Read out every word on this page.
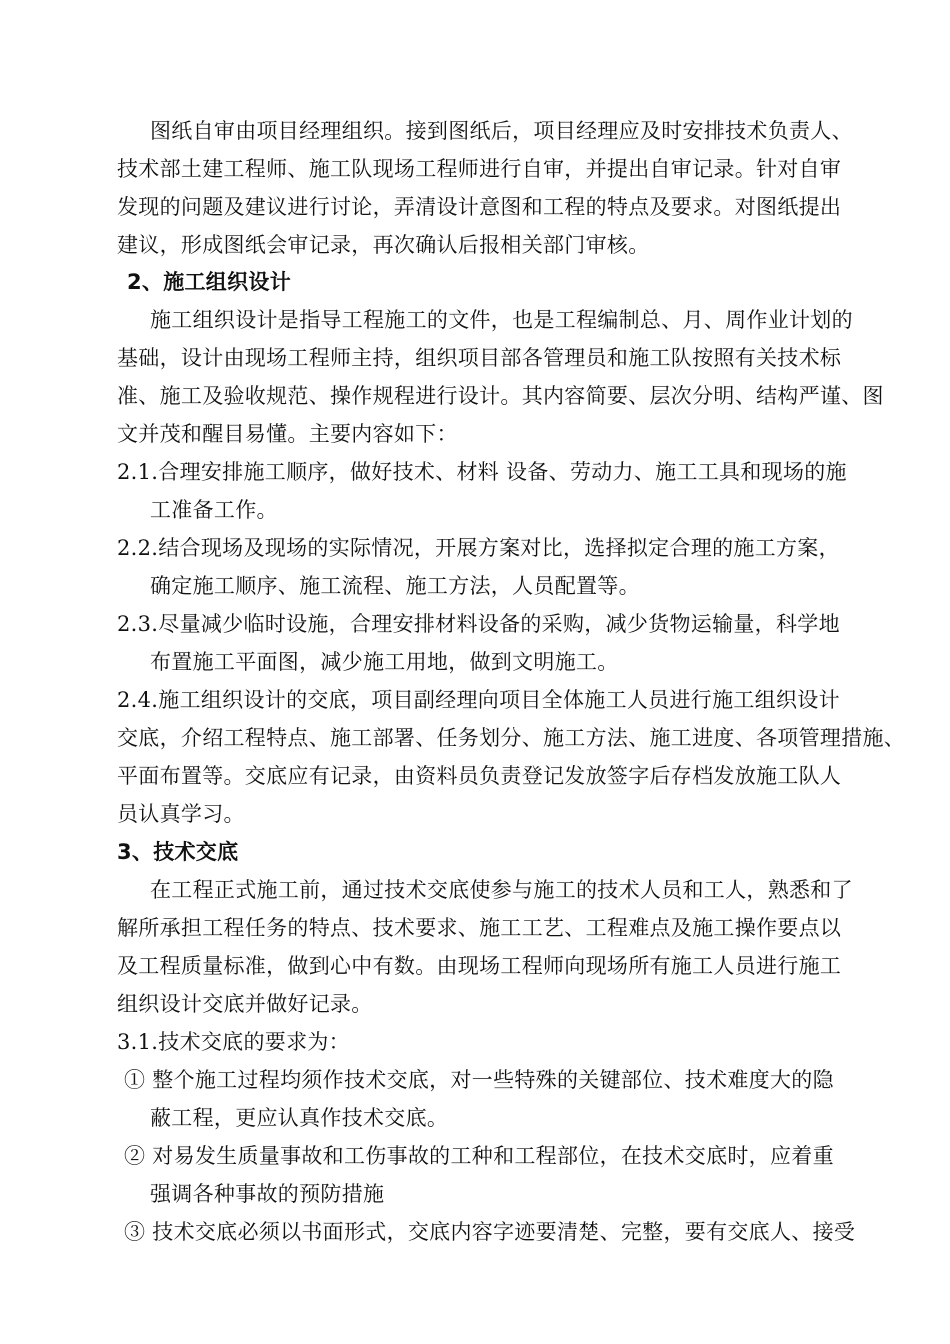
图纸自审由项目经理组织。接到图纸后，项目经理应及时安排技术负责人、
技术部土建工程师、施工队现场工程师进行自审，并提出自审记录。针对自审
发现的问题及建议进行讨论，弄清设计意图和工程的特点及要求。对图纸提出
建议，形成图纸会审记录，再次确认后报相关部门审核。
2、施工组织设计
施工组织设计是指导工程施工的文件，也是工程编制总、月、周作业计划的
基础，设计由现场工程师主持，组织项目部各管理员和施工队按照有关技术标
准、施工及验收规范、操作规程进行设计。其内容简要、层次分明、结构严谨、图
文并茂和醒目易懂。主要内容如下：
2.1.合理安排施工顺序，做好技术、材料 设备、劳动力、施工工具和现场的施
工准备工作。
2.2.结合现场及现场的实际情况，开展方案对比，选择拟定合理的施工方案，
确定施工顺序、施工流程、施工方法，人员配置等。
2.3.尽量减少临时设施，合理安排材料设备的采购，减少货物运输量，科学地
布置施工平面图，减少施工用地，做到文明施工。
2.4.施工组织设计的交底，项目副经理向项目全体施工人员进行施工组织设计
交底，介绍工程特点、施工部署、任务划分、施工方法、施工进度、各项管理措施、
平面布置等。交底应有记录，由资料员负责登记发放签字后存档发放施工队人
员认真学习。
3、技术交底
在工程正式施工前，通过技术交底使参与施工的技术人员和工人，熟悉和了
解所承担工程任务的特点、技术要求、施工工艺、工程难点及施工操作要点以
及工程质量标准，做到心中有数。由现场工程师向现场所有施工人员进行施工
组织设计交底并做好记录。
3.1.技术交底的要求为：
① 整个施工过程均须作技术交底，对一些特殊的关键部位、技术难度大的隐
蔽工程，更应认真作技术交底。
② 对易发生质量事故和工伤事故的工种和工程部位，在技术交底时，应着重
强调各种事故的预防措施
③ 技术交底必须以书面形式，交底内容字迹要清楚、完整，要有交底人、接受
